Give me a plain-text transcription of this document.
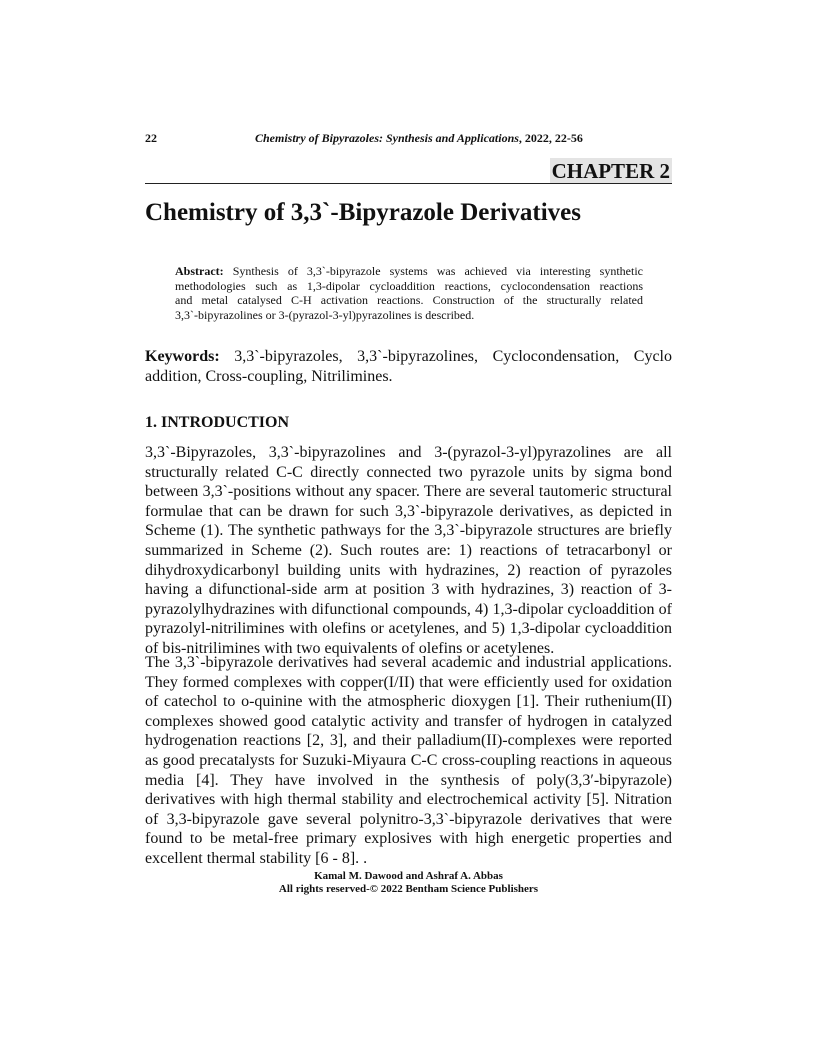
22	Chemistry of Bipyrazoles: Synthesis and Applications, 2022, 22-56
CHAPTER 2
Chemistry of 3,3`-Bipyrazole Derivatives
Abstract: Synthesis of 3,3`-bipyrazole systems was achieved via interesting synthetic
methodologies such as 1,3-dipolar cycloaddition reactions, cyclocondensation reactions
and metal catalysed C-H activation reactions. Construction of the structurally related
3,3`-bipyrazolines or 3-(pyrazol-3-yl)pyrazolines is described.
Keywords: 3,3`-bipyrazoles, 3,3`-bipyrazolines, Cyclocondensation, Cyclo
addition, Cross-coupling, Nitrilimines.
1. INTRODUCTION
3,3`-Bipyrazoles, 3,3`-bipyrazolines and 3-(pyrazol-3-yl)pyrazolines are all
structurally related C-C directly connected two pyrazole units by sigma bond
between 3,3`-positions without any spacer. There are several tautomeric structural
formulae that can be drawn for such 3,3`-bipyrazole derivatives, as depicted in
Scheme (1). The synthetic pathways for the 3,3`-bipyrazole structures are briefly
summarized in Scheme (2). Such routes are: 1) reactions of tetracarbonyl or
dihydroxydicarbonyl building units with hydrazines, 2) reaction of pyrazoles
having a difunctional-side arm at position 3 with hydrazines, 3) reaction of 3-
pyrazolylhydrazines with difunctional compounds, 4) 1,3-dipolar cycloaddition of
pyrazolyl-nitrilimines with olefins or acetylenes, and 5) 1,3-dipolar cycloaddition
of bis-nitrilimines with two equivalents of olefins or acetylenes.
The 3,3`-bipyrazole derivatives had several academic and industrial applications.
They formed complexes with copper(I/II) that were efficiently used for oxidation
of catechol to o-quinine with the atmospheric dioxygen [1]. Their ruthenium(II)
complexes showed good catalytic activity and transfer of hydrogen in catalyzed
hydrogenation reactions [2, 3], and their palladium(II)-complexes were reported
as good precatalysts for Suzuki-Miyaura C-C cross-coupling reactions in aqueous
media [4]. They have involved in the synthesis of poly(3,3′-bipyrazole)
derivatives with high thermal stability and electrochemical activity [5]. Nitration
of 3,3-bipyrazole gave several polynitro-3,3`-bipyrazole derivatives that were
found to be metal-free primary explosives with high energetic properties and
excellent thermal stability [6 - 8]. .
Kamal M. Dawood and Ashraf A. Abbas
All rights reserved-© 2022 Bentham Science Publishers
